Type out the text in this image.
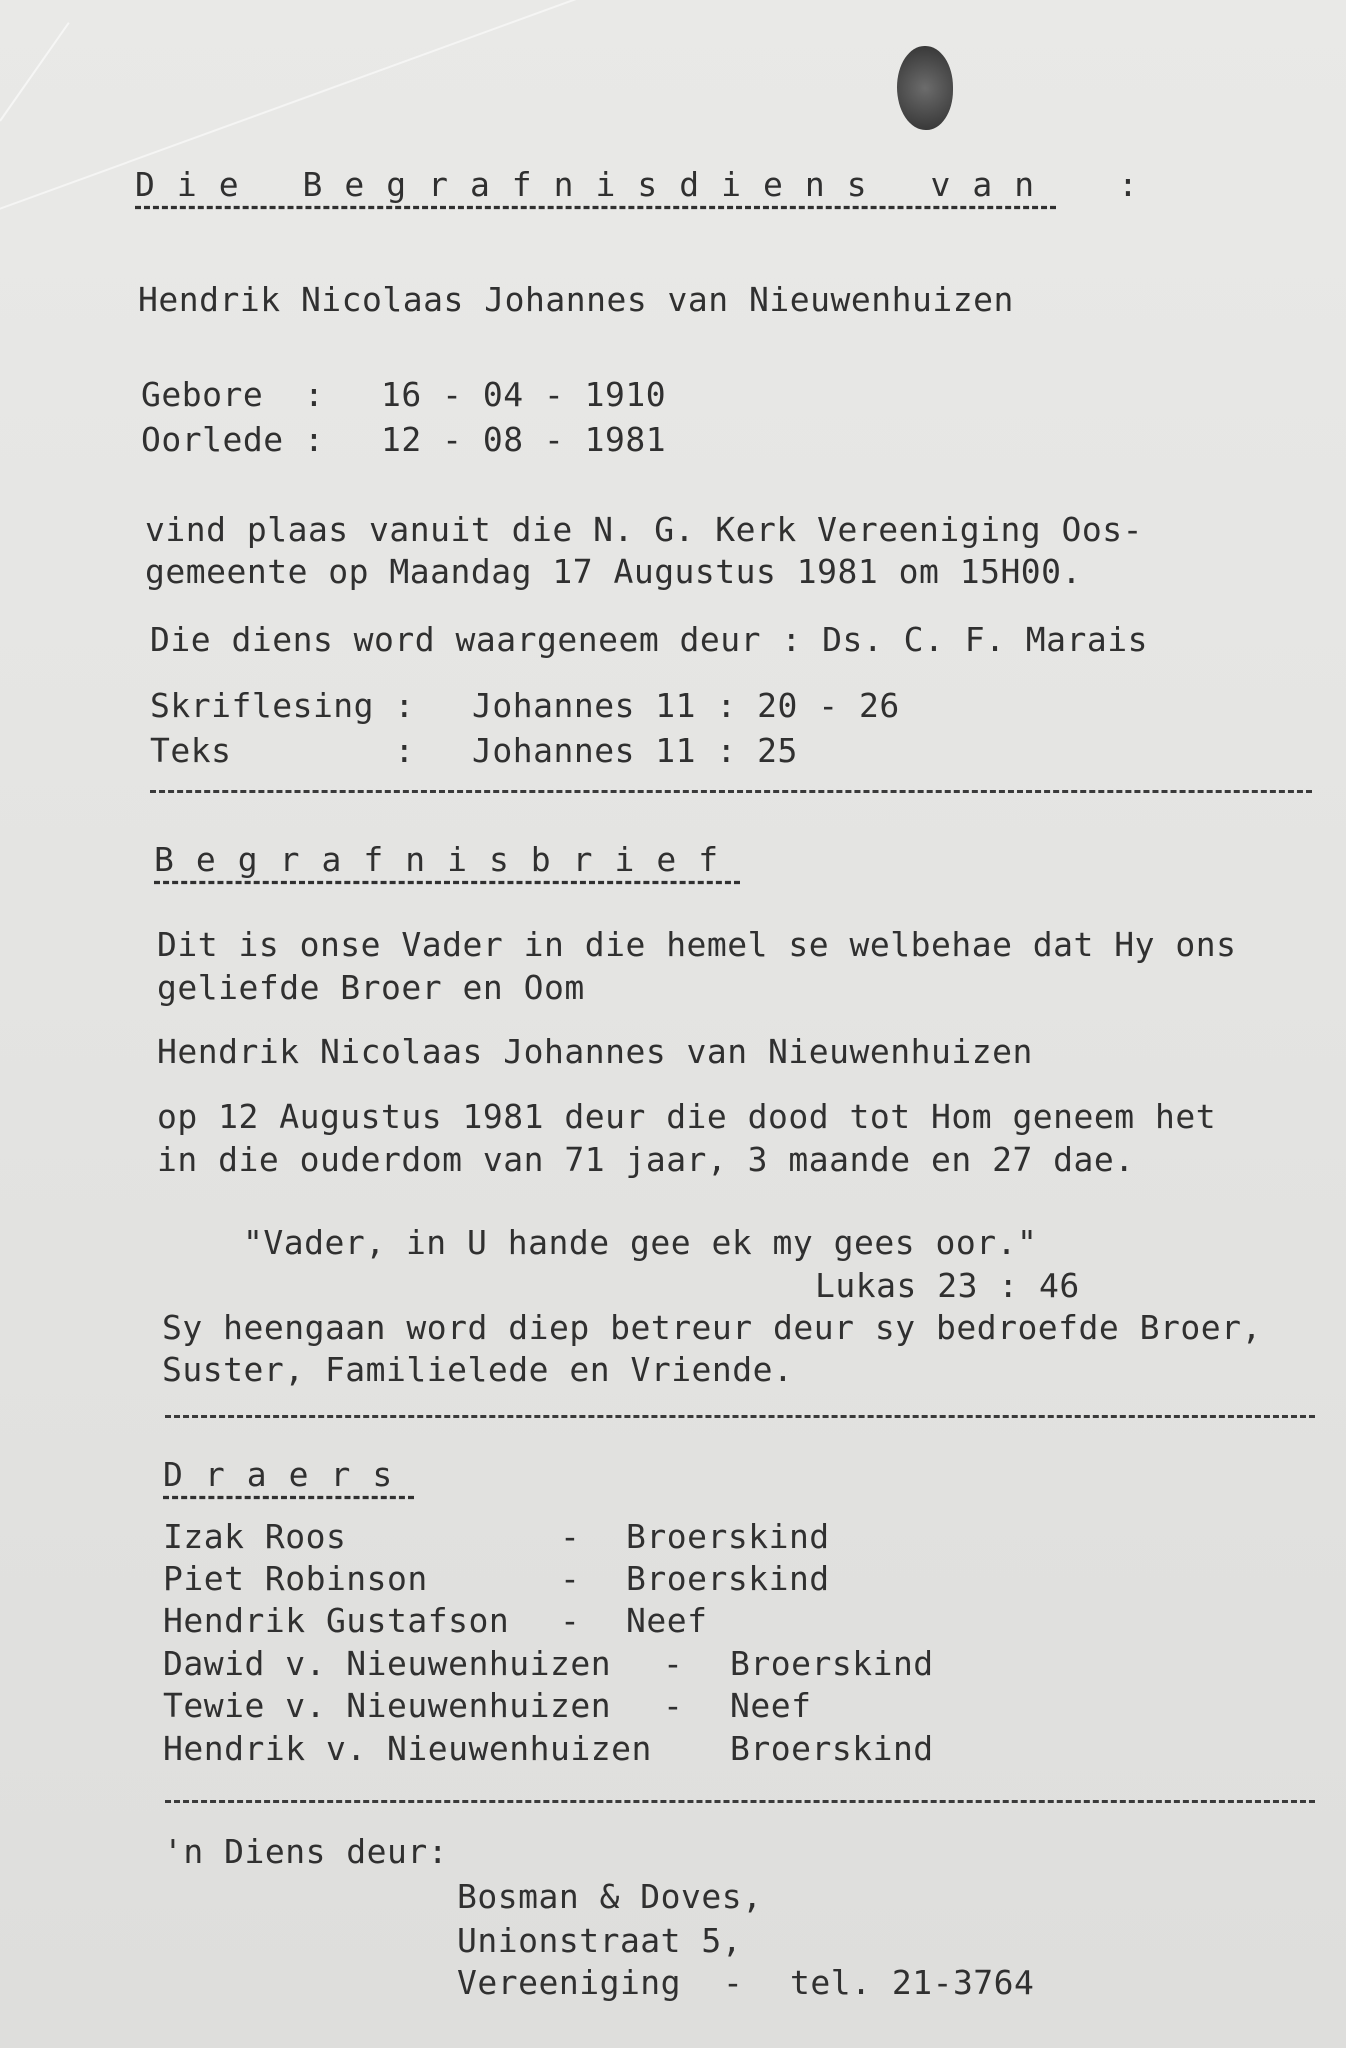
Die Begrafnisdiens van :
Hendrik Nicolaas Johannes van Nieuwenhuizen
Gebore  : 16 - 04 - 1910
Oorlede : 12 - 08 - 1981
vind plaas vanuit die N. G. Kerk Vereeniging Oos-
gemeente op Maandag 17 Augustus 1981 om 15H00.
Die diens word waargeneem deur : Ds. C. F. Marais
Skriflesing : Johannes 11 : 20 - 26
Teks        : Johannes 11 : 25
Begrafnisbrief
Dit is onse Vader in die hemel se welbehae dat Hy ons
geliefde Broer en Oom
Hendrik Nicolaas Johannes van Nieuwenhuizen
op 12 Augustus 1981 deur die dood tot Hom geneem het
in die ouderdom van 71 jaar, 3 maande en 27 dae.
"Vader, in U hande gee ek my gees oor."
Lukas 23 : 46
Sy heengaan word diep betreur deur sy bedroefde Broer,
Suster, Familielede en Vriende.
Draers
Izak Roos	- Broerskind
Piet Robinson	- Broerskind
Hendrik Gustafson - Neef
Dawid v. Nieuwenhuizen - Broerskind
Tewie v. Nieuwenhuizen - Neef
Hendrik v. Nieuwenhuizen Broerskind
'n Diens deur:
Bosman & Doves,
Unionstraat 5,
Vereeniging - tel. 21-3764
